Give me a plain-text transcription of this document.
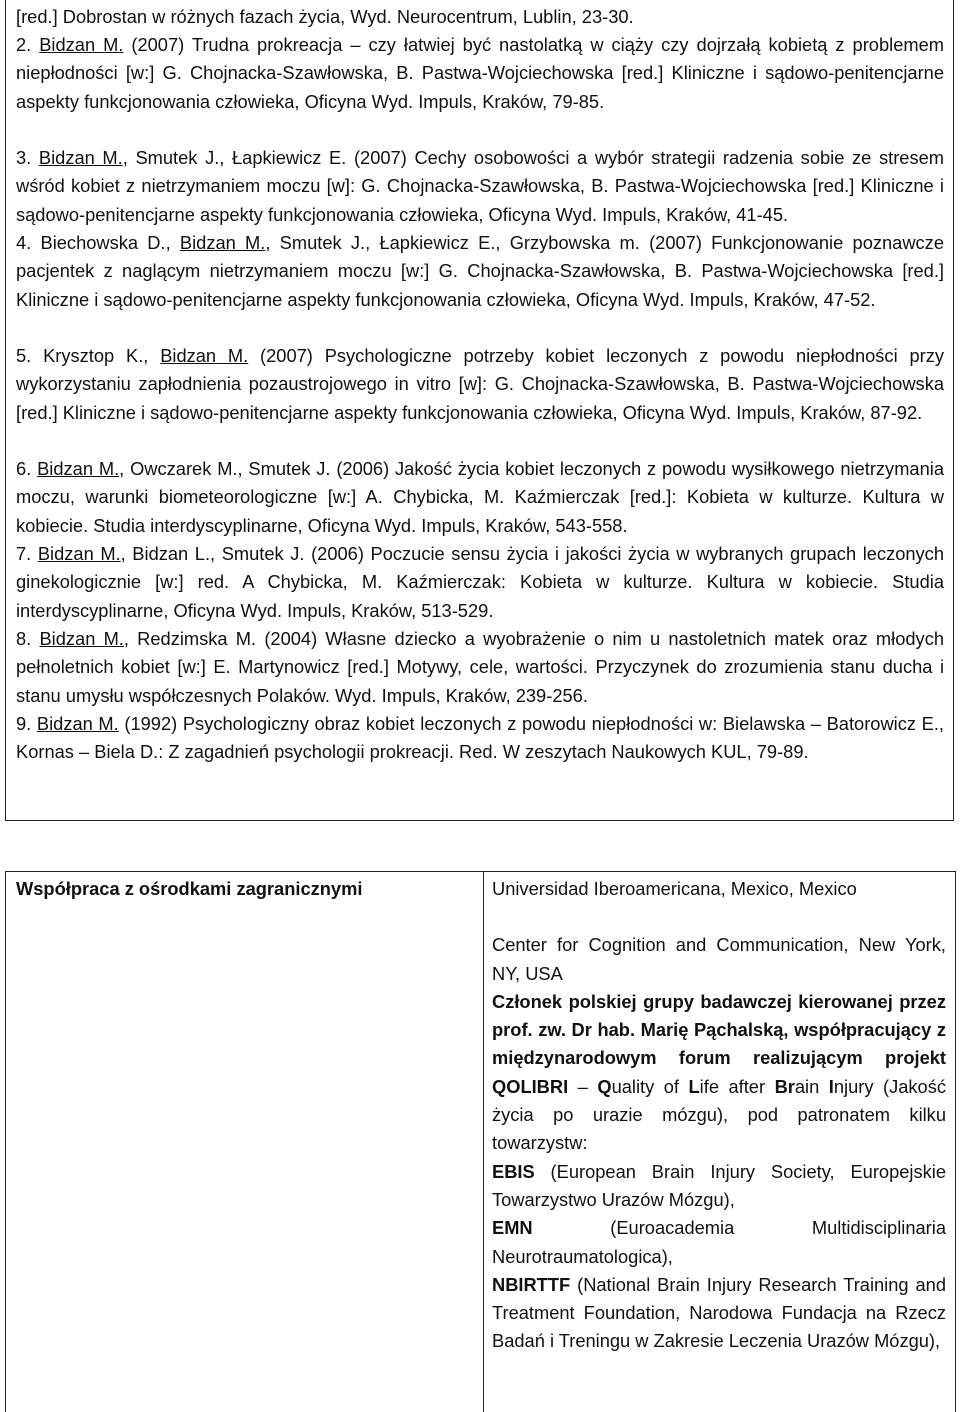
[red.] Dobrostan w różnych fazach życia, Wyd. Neurocentrum, Lublin, 23-30.

2. Bidzan M. (2007) Trudna prokreacja – czy łatwiej być nastolatką w ciąży czy dojrzałą kobietą z problemem niepłodności [w:] G. Chojnacka-Szawłowska, B. Pastwa-Wojciechowska [red.] Kliniczne i sądowo-penitencjarne aspekty funkcjonowania człowieka, Oficyna Wyd. Impuls, Kraków, 79-85.

3. Bidzan M., Smutek J., Łapkiewicz E. (2007) Cechy osobowości a wybór strategii radzenia sobie ze stresem wśród kobiet z nietrzymaniem moczu [w]: G. Chojnacka-Szawłowska, B. Pastwa-Wojciechowska [red.] Kliniczne i sądowo-penitencjarne aspekty funkcjonowania człowieka, Oficyna Wyd. Impuls, Kraków, 41-45.

4. Biechowska D., Bidzan M., Smutek J., Łapkiewicz E., Grzybowska m. (2007) Funkcjonowanie poznawcze pacjentek z naglącym nietrzymaniem moczu [w:] G. Chojnacka-Szawłowska, B. Pastwa-Wojciechowska [red.] Kliniczne i sądowo-penitencjarne aspekty funkcjonowania człowieka, Oficyna Wyd. Impuls, Kraków, 47-52.

5. Krysztop K., Bidzan M. (2007) Psychologiczne potrzeby kobiet leczonych z powodu niepłodności przy wykorzystaniu zapłodnienia pozaustrojowego in vitro [w]: G. Chojnacka-Szawłowska, B. Pastwa-Wojciechowska [red.] Kliniczne i sądowo-penitencjarne aspekty funkcjonowania człowieka, Oficyna Wyd. Impuls, Kraków, 87-92.

6. Bidzan M., Owczarek M., Smutek J. (2006) Jakość życia kobiet leczonych z powodu wysiłkowego nietrzymania moczu, warunki biometeorologiczne [w:] A. Chybicka, M. Kaźmierczak [red.]: Kobieta w kulturze. Kultura w kobiecie. Studia interdyscyplinarne, Oficyna Wyd. Impuls, Kraków, 543-558.

7. Bidzan M., Bidzan L., Smutek J. (2006) Poczucie sensu życia i jakości życia w wybranych grupach leczonych ginekologicznie [w:] red. A Chybicka, M. Kaźmierczak: Kobieta w kulturze. Kultura w kobiecie. Studia interdyscyplinarne, Oficyna Wyd. Impuls, Kraków, 513-529.

8. Bidzan M., Redzimska M. (2004) Własne dziecko a wyobrażenie o nim u nastoletnich matek oraz młodych pełnoletnich kobiet [w:] E. Martynowicz [red.] Motywy, cele, wartości. Przyczynek do zrozumienia stanu ducha i stanu umysłu współczesnych Polaków. Wyd. Impuls, Kraków, 239-256.

9. Bidzan M. (1992) Psychologiczny obraz kobiet leczonych z powodu niepłodności w: Bielawska – Batorowicz E., Kornas – Biela D.: Z zagadnień psychologii prokreacji. Red. W zeszytach Naukowych KUL, 79-89.

Współpraca z ośrodkami zagranicznymi	Universidad Iberoamericana, Mexico, Mexico

Center for Cognition and Communication, New York, NY, USA

Członek polskiej grupy badawczej kierowanej przez prof. zw. Dr hab. Marię Pąchalską, współpracujący z międzynarodowym forum realizującym projekt QOLIBRI – Quality of Life after Brain Injury (Jakość życia po urazie mózgu), pod patronatem kilku towarzystw:

EBIS (European Brain Injury Society, Europejskie Towarzystwo Urazów Mózgu),

EMN (Euroacademia Multidisciplinaria Neurotraumatologica),

NBIRTTF (National Brain Injury Research Training and Treatment Foundation, Narodowa Fundacja na Rzecz Badań i Treningu w Zakresie Leczenia Urazów Mózgu),
